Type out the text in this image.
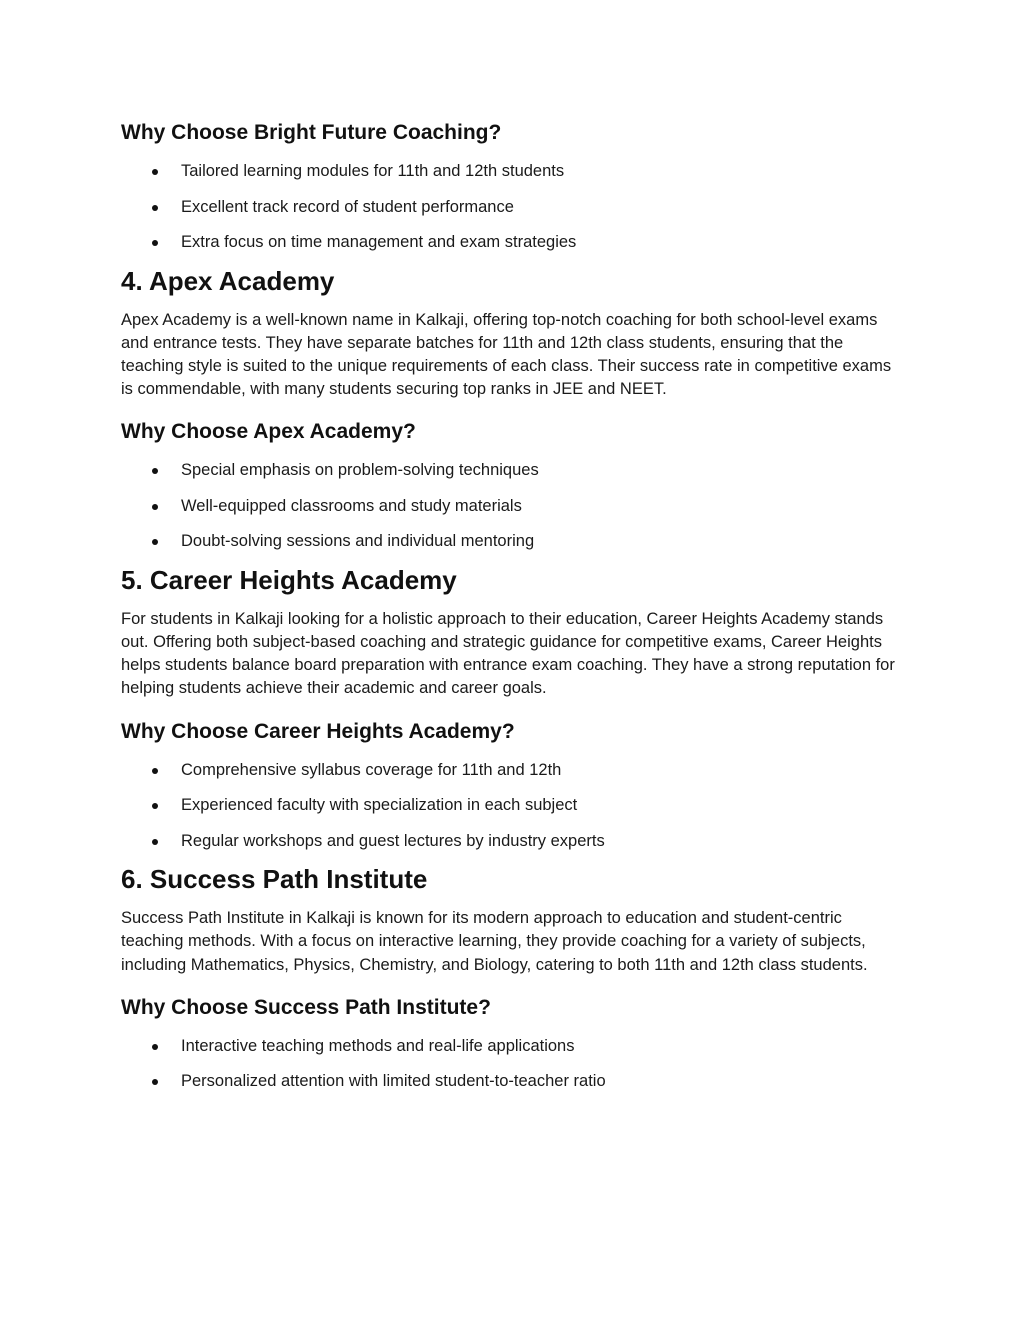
Why Choose Bright Future Coaching?
Tailored learning modules for 11th and 12th students
Excellent track record of student performance
Extra focus on time management and exam strategies
4. Apex Academy

Apex Academy is a well-known name in Kalkaji, offering top-notch coaching for both school-level exams and entrance tests. They have separate batches for 11th and 12th class students, ensuring that the teaching style is suited to the unique requirements of each class. Their success rate in competitive exams is commendable, with many students securing top ranks in JEE and NEET.

Why Choose Apex Academy?
Special emphasis on problem-solving techniques
Well-equipped classrooms and study materials
Doubt-solving sessions and individual mentoring
5. Career Heights Academy

For students in Kalkaji looking for a holistic approach to their education, Career Heights Academy stands out. Offering both subject-based coaching and strategic guidance for competitive exams, Career Heights helps students balance board preparation with entrance exam coaching. They have a strong reputation for helping students achieve their academic and career goals.

Why Choose Career Heights Academy?
Comprehensive syllabus coverage for 11th and 12th
Experienced faculty with specialization in each subject
Regular workshops and guest lectures by industry experts
6. Success Path Institute

Success Path Institute in Kalkaji is known for its modern approach to education and student-centric teaching methods. With a focus on interactive learning, they provide coaching for a variety of subjects, including Mathematics, Physics, Chemistry, and Biology, catering to both 11th and 12th class students.

Why Choose Success Path Institute?
Interactive teaching methods and real-life applications
Personalized attention with limited student-to-teacher ratio
